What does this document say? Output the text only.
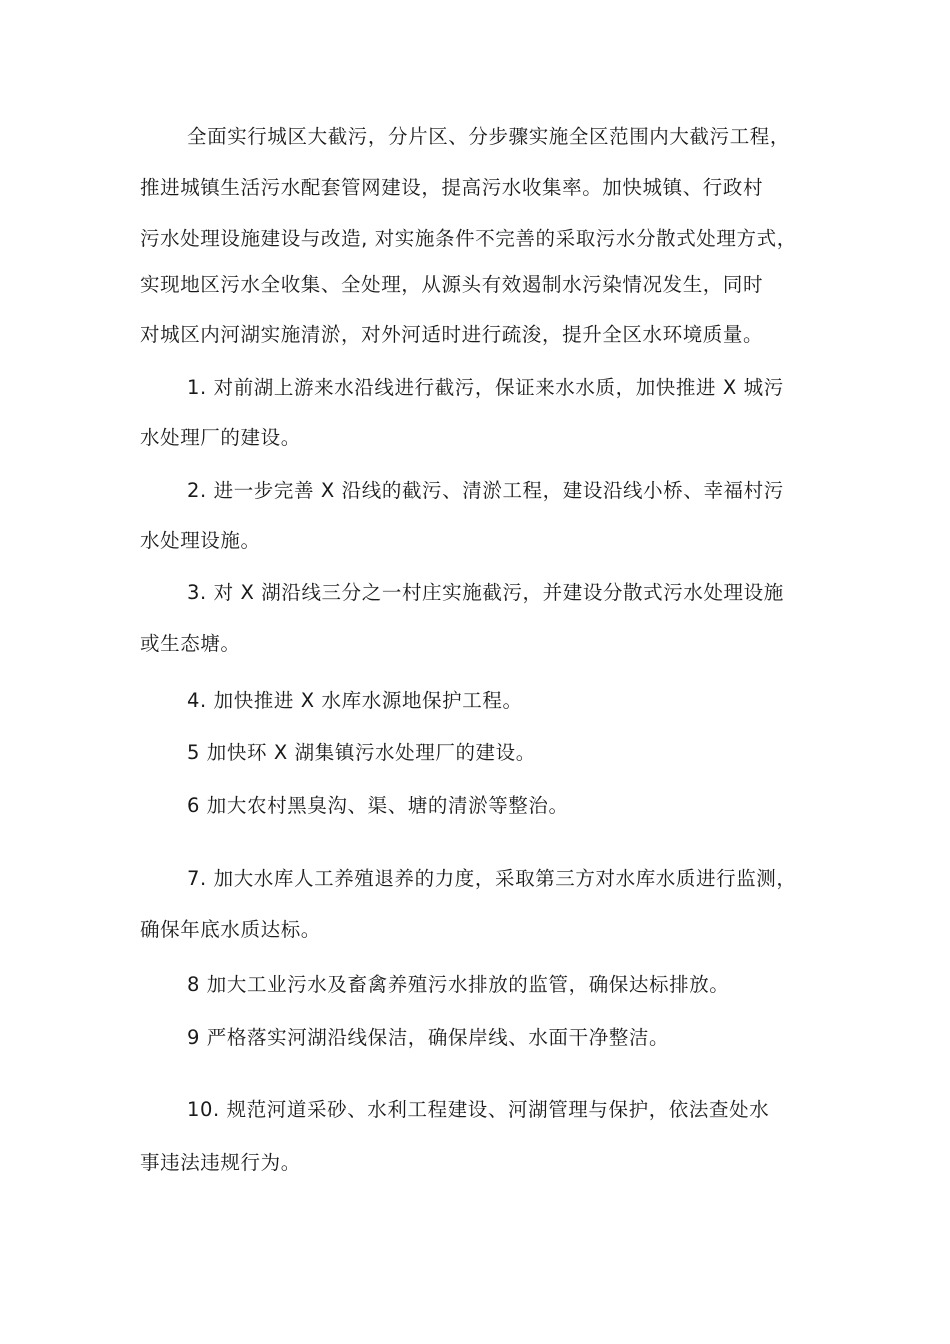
全面实行城区大截污，分片区、分步骤实施全区范围内大截污工程，
推进城镇生活污水配套管网建设，提高污水收集率。加快城镇、行政村
污水处理设施建设与改造, 对实施条件不完善的采取污水分散式处理方式，
实现地区污水全收集、全处理，从源头有效遏制水污染情况发生，同时
对城区内河湖实施清淤，对外河适时进行疏浚，提升全区水环境质量。
1. 对前湖上游来水沿线进行截污，保证来水水质，加快推进 X 城污
水处理厂的建设。
2. 进一步完善 X 沿线的截污、清淤工程，建设沿线小桥、幸福村污
水处理设施。
3. 对 X 湖沿线三分之一村庄实施截污，并建设分散式污水处理设施
或生态塘。
4. 加快推进 X 水库水源地保护工程。
5 加快环 X 湖集镇污水处理厂的建设。
6 加大农村黑臭沟、渠、塘的清淤等整治。
7. 加大水库人工养殖退养的力度，采取第三方对水库水质进行监测，
确保年底水质达标。
8 加大工业污水及畜禽养殖污水排放的监管，确保达标排放。
9 严格落实河湖沿线保洁，确保岸线、水面干净整洁。
10. 规范河道采砂、水利工程建设、河湖管理与保护，依法查处水
事违法违规行为。
